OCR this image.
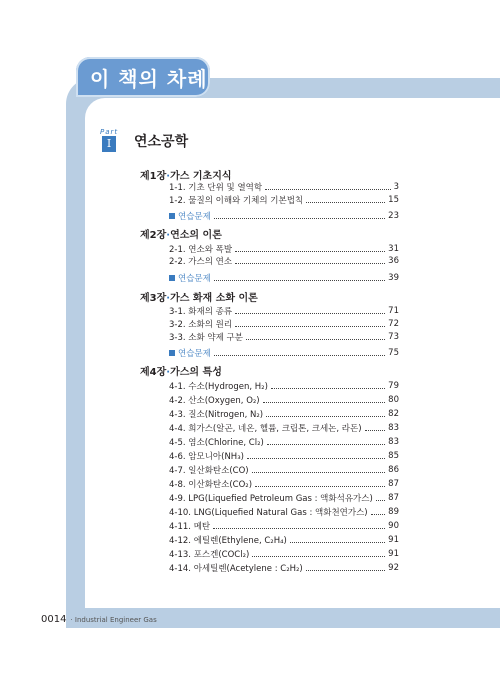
이 책의 차례
Part
I	연소공학
제1장·가스 기초지식
1-1. 기초 단위 및 열역학	3
1-2. 물질의 이해와 기체의 기본법칙	15
연습문제	23
제2장·연소의 이론
2-1. 연소와 폭발	31
2-2. 가스의 연소	36
연습문제	39
제3장·가스 화재 소화 이론
3-1. 화재의 종류	71
3-2. 소화의 원리	72
3-3. 소화 약제 구분	73
연습문제	75
제4장·가스의 특성
4-1. 수소(Hydrogen, H₂)	79
4-2. 산소(Oxygen, O₂)	80
4-3. 질소(Nitrogen, N₂)	82
4-4. 희가스(알곤, 네온, 헬륨, 크립톤, 크세논, 라돈)	83
4-5. 염소(Chlorine, Cl₂)	83
4-6. 암모니아(NH₃)	85
4-7. 일산화탄소(CO)	86
4-8. 이산화탄소(CO₂)	87
4-9. LPG(Liquefied Petroleum Gas : 액화석유가스) 87
4-10. LNG(Liquefied Natural Gas : 액화천연가스) 89
4-11. 메탄	90
4-12. 에틸렌(Ethylene, C₂H₄)	91
4-13. 포스겐(COCl₂)	91
4-14. 아세틸렌(Acetylene : C₂H₂)	92
0014 · Industrial Engineer Gas
